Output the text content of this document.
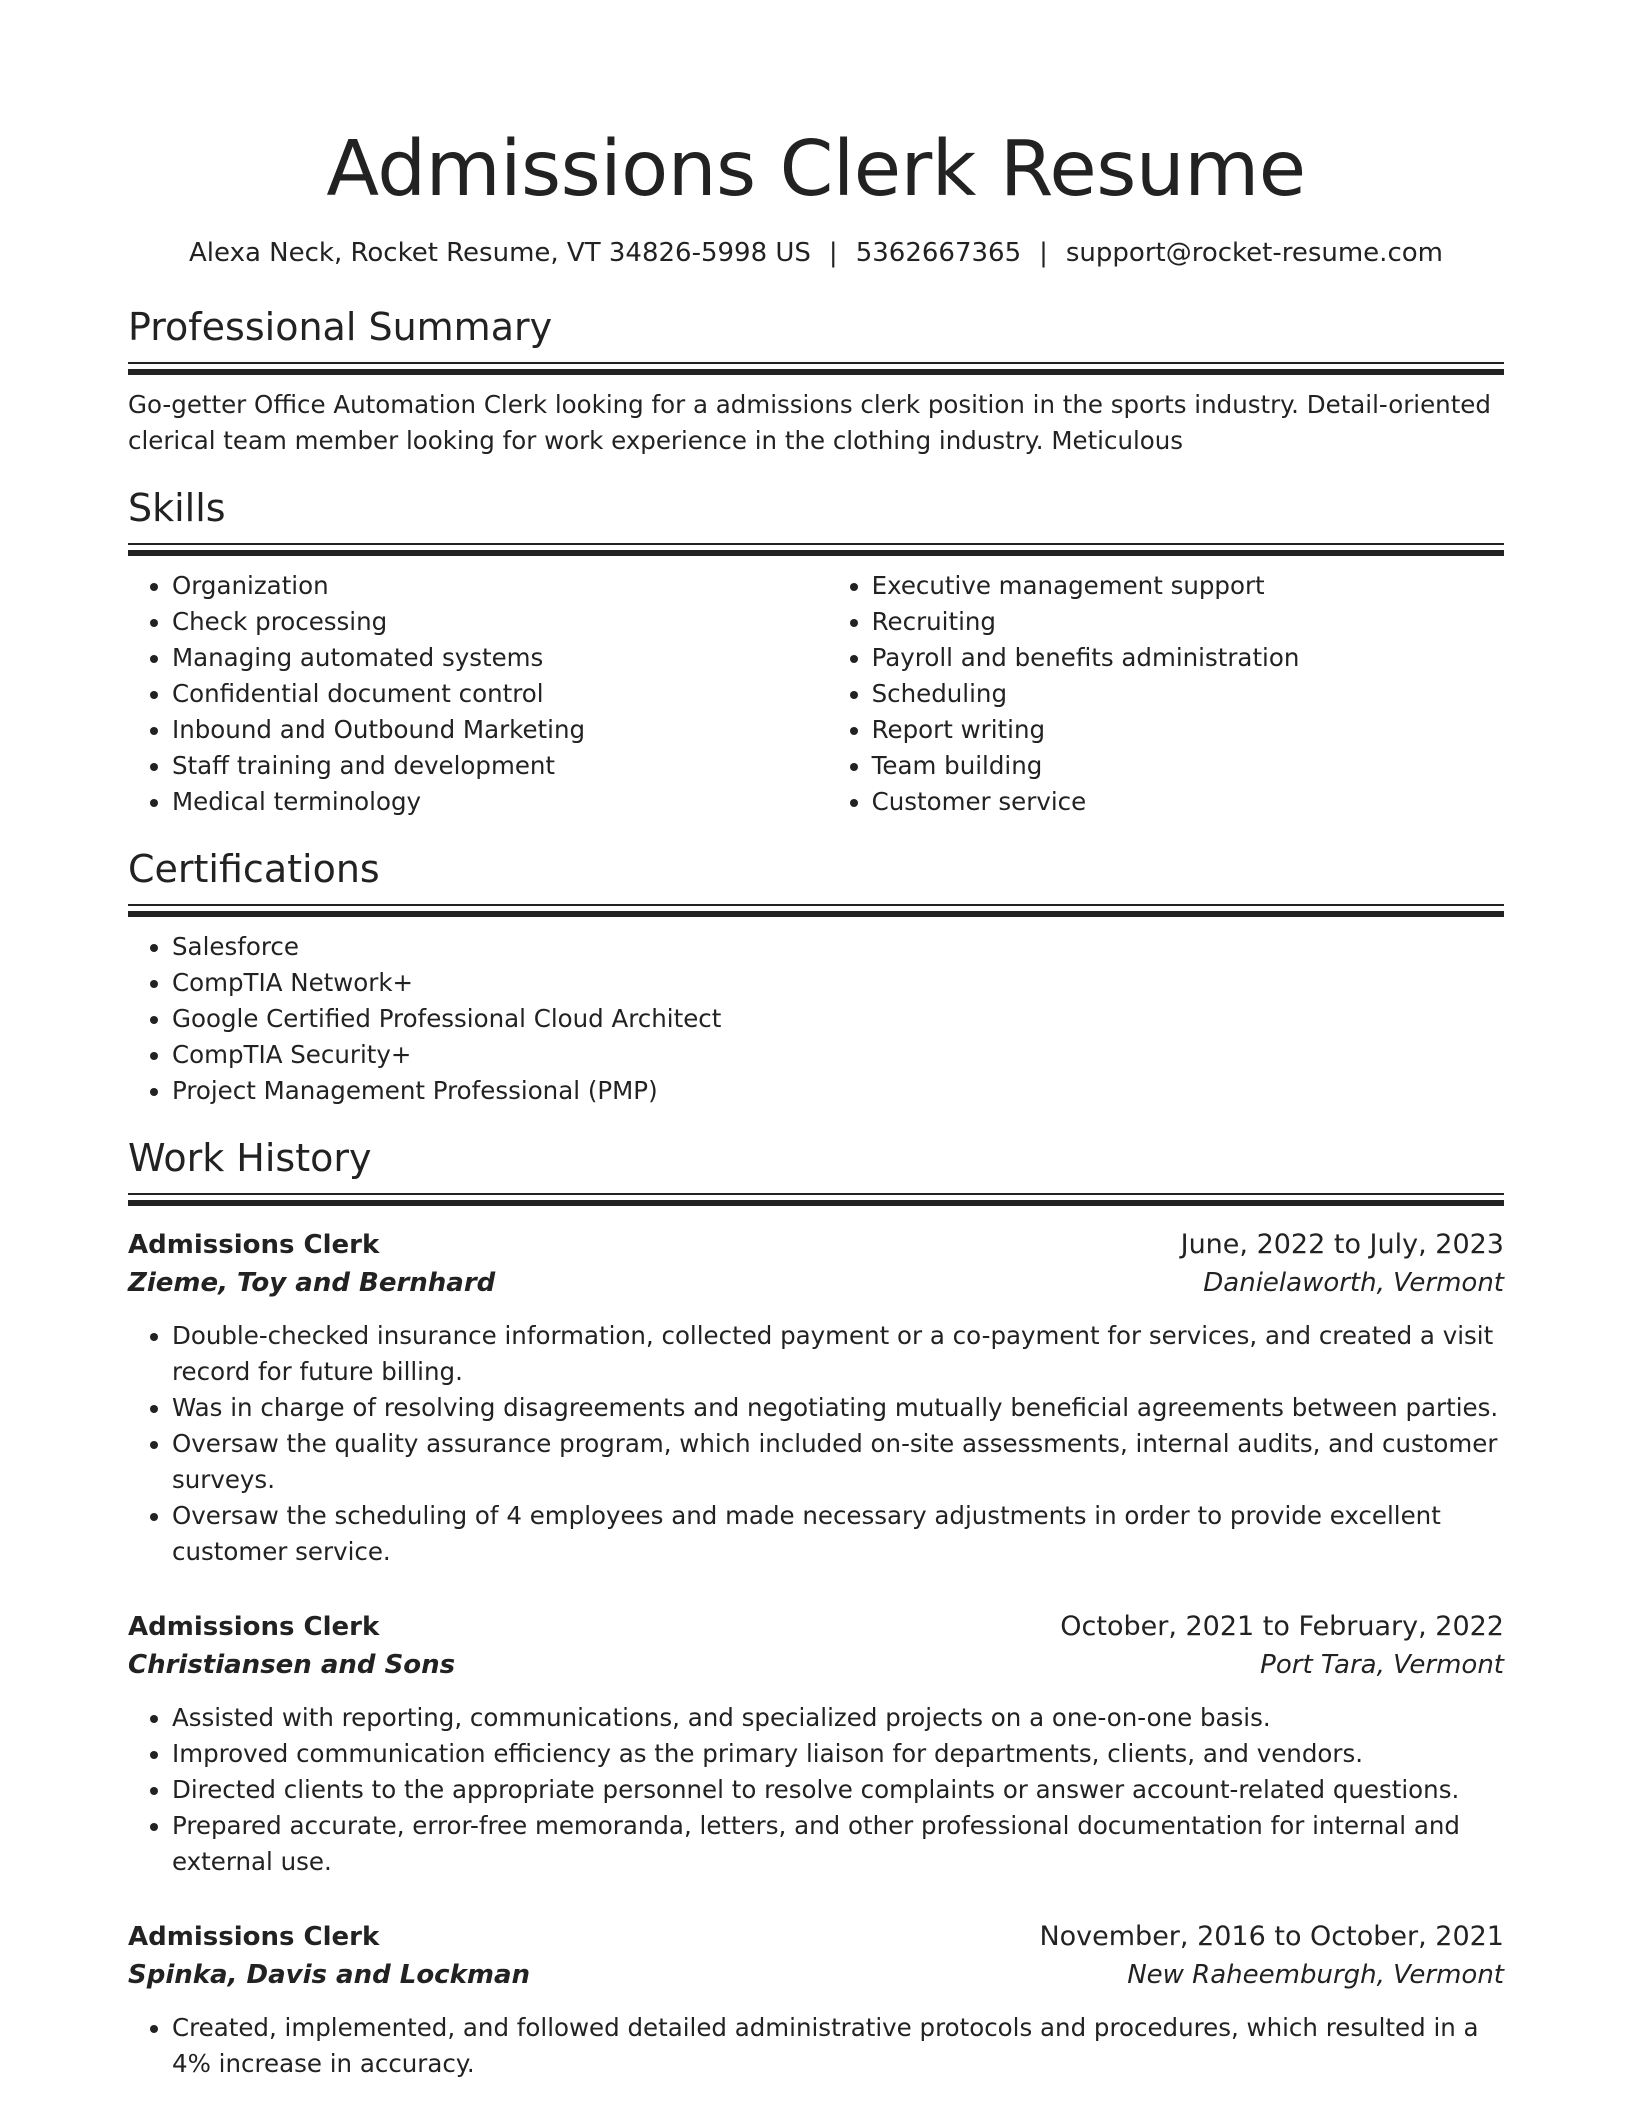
Admissions Clerk Resume
Alexa Neck, Rocket Resume, VT 34826-5998 US | 5362667365 | support@rocket-resume.com
Professional Summary

Go-getter Office Automation Clerk looking for a admissions clerk position in the sports industry. Detail-oriented clerical team member looking for work experience in the clothing industry. Meticulous

Skills
• Organization
• Check processing
• Managing automated systems
• Confidential document control
• Inbound and Outbound Marketing
• Staff training and development
• Medical terminology
• Executive management support
• Recruiting
• Payroll and benefits administration
• Scheduling
• Report writing
• Team building
• Customer service
Certifications
• Salesforce
• CompTIA Network+
• Google Certified Professional Cloud Architect
• CompTIA Security+
• Project Management Professional (PMP)
Work History
Admissions Clerk	June, 2022 to July, 2023
Zieme, Toy and Bernhard	Danielaworth, Vermont
• Double-checked insurance information, collected payment or a co-payment for services, and created a visit record for future billing.
• Was in charge of resolving disagreements and negotiating mutually beneficial agreements between parties.
• Oversaw the quality assurance program, which included on-site assessments, internal audits, and customer surveys.
• Oversaw the scheduling of 4 employees and made necessary adjustments in order to provide excellent customer service.
Admissions Clerk	October, 2021 to February, 2022
Christiansen and Sons	Port Tara, Vermont
• Assisted with reporting, communications, and specialized projects on a one-on-one basis.
• Improved communication efficiency as the primary liaison for departments, clients, and vendors.
• Directed clients to the appropriate personnel to resolve complaints or answer account-related questions.
• Prepared accurate, error-free memoranda, letters, and other professional documentation for internal and external use.
Admissions Clerk	November, 2016 to October, 2021
Spinka, Davis and Lockman	New Raheemburgh, Vermont
• Created, implemented, and followed detailed administrative protocols and procedures, which resulted in a 4% increase in accuracy.
